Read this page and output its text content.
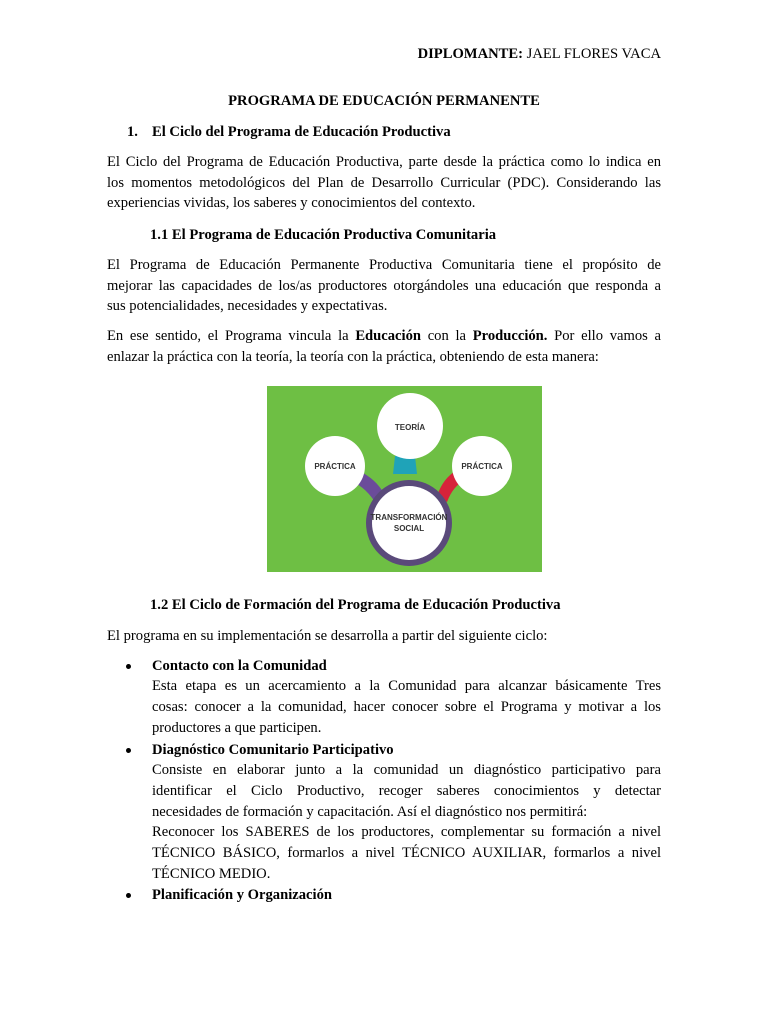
DIPLOMANTE: JAEL FLORES VACA
PROGRAMA DE EDUCACIÓN PERMANENTE
1. El Ciclo del Programa de Educación Productiva
El Ciclo del Programa de Educación Productiva, parte desde la práctica como lo indica en
los momentos metodológicos del Plan de Desarrollo Curricular (PDC). Considerando las
experiencias vividas, los saberes y conocimientos del contexto.
1.1 El Programa de Educación Productiva Comunitaria
El Programa de Educación Permanente Productiva Comunitaria tiene el propósito de
mejorar las capacidades de los/as productores otorgándoles una educación que responda a
sus potencialidades, necesidades y expectativas.
En ese sentido, el Programa vincula la Educación con la Producción. Por ello vamos a
enlazar la práctica con la teoría, la teoría con la práctica, obteniendo de esta manera:
PRÁCTICA
TEORÍA
PRÁCTICA
TRANSFORMACIÓN
SOCIAL
1.2 El Ciclo de Formación del Programa de Educación Productiva
El programa en su implementación se desarrolla a partir del siguiente ciclo:
Contacto con la Comunidad
Esta etapa es un acercamiento a la Comunidad para alcanzar básicamente Tres
cosas: conocer a la comunidad, hacer conocer sobre el Programa y motivar a los
productores a que participen.
Diagnóstico Comunitario Participativo
Consiste en elaborar junto a la comunidad un diagnóstico participativo para
identificar el Ciclo Productivo, recoger saberes conocimientos y detectar
necesidades de formación y capacitación. Así el diagnóstico nos permitirá:
Reconocer los SABERES de los productores, complementar su formación a nivel
TÉCNICO BÁSICO, formarlos a nivel TÉCNICO AUXILIAR, formarlos a nivel
TÉCNICO MEDIO.
Planificación y Organización
